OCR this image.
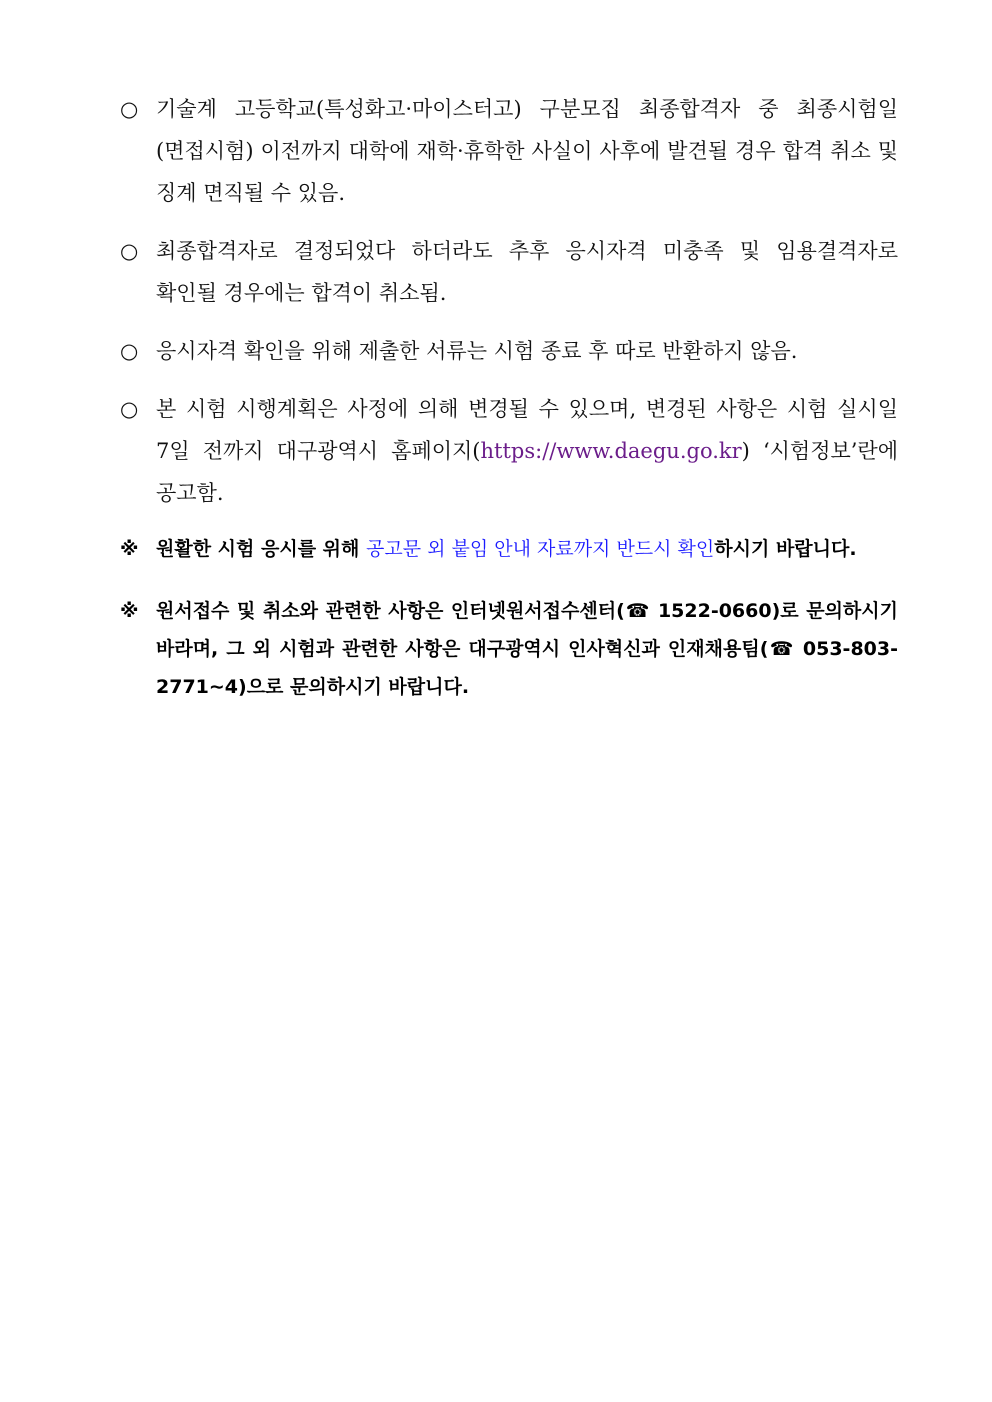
○ 기술계 고등학교(특성화고·마이스터고) 구분모집 최종합격자 중 최종시험일(면접시험) 이전까지 대학에 재학·휴학한 사실이 사후에 발견될 경우 합격 취소 및 징계 면직될 수 있음.
○ 최종합격자로 결정되었다 하더라도 추후 응시자격 미충족 및 임용결격자로 확인될 경우에는 합격이 취소됨.
○ 응시자격 확인을 위해 제출한 서류는 시험 종료 후 따로 반환하지 않음.
○ 본 시험 시행계획은 사정에 의해 변경될 수 있으며, 변경된 사항은 시험 실시일 7일 전까지 대구광역시 홈페이지(https://www.daegu.go.kr) ‘시험정보’란에 공고함.
※ 원활한 시험 응시를 위해 공고문 외 붙임 안내 자료까지 반드시 확인하시기 바랍니다.
※ 원서접수 및 취소와 관련한 사항은 인터넷원서접수센터(☎ 1522-0660)로 문의하시기 바라며, 그 외 시험과 관련한 사항은 대구광역시 인사혁신과 인재채용팀(☎ 053-803-2771∼4)으로 문의하시기 바랍니다.
